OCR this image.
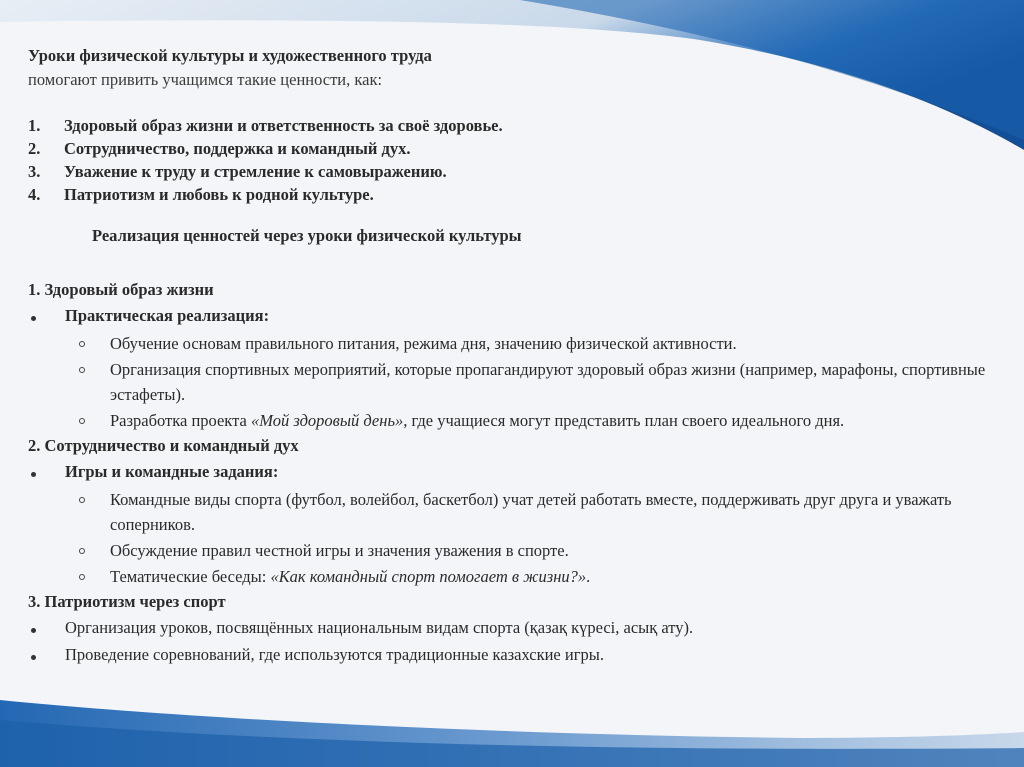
Уроки физической культуры и художественного труда
помогают привить учащимся такие ценности, как:
1. Здоровый образ жизни и ответственность за своё здоровье.
2. Сотрудничество, поддержка и командный дух.
3. Уважение к труду и стремление к самовыражению.
4. Патриотизм и любовь к родной культуре.
Реализация ценностей через уроки физической культуры
1. Здоровый образ жизни
Практическая реализация:
Обучение основам правильного питания, режима дня, значению физической активности.
Организация спортивных мероприятий, которые пропагандируют здоровый образ жизни (например, марафоны, спортивные эстафеты).
Разработка проекта «Мой здоровый день», где учащиеся могут представить план своего идеального дня.
2. Сотрудничество и командный дух
Игры и командные задания:
Командные виды спорта (футбол, волейбол, баскетбол) учат детей работать вместе, поддерживать друг друга и уважать соперников.
Обсуждение правил честной игры и значения уважения в спорте.
Тематические беседы: «Как командный спорт помогает в жизни?».
3. Патриотизм через спорт
Организация уроков, посвящённых национальным видам спорта (қазақ күресі, асық ату).
Проведение соревнований, где используются традиционные казахские игры.
